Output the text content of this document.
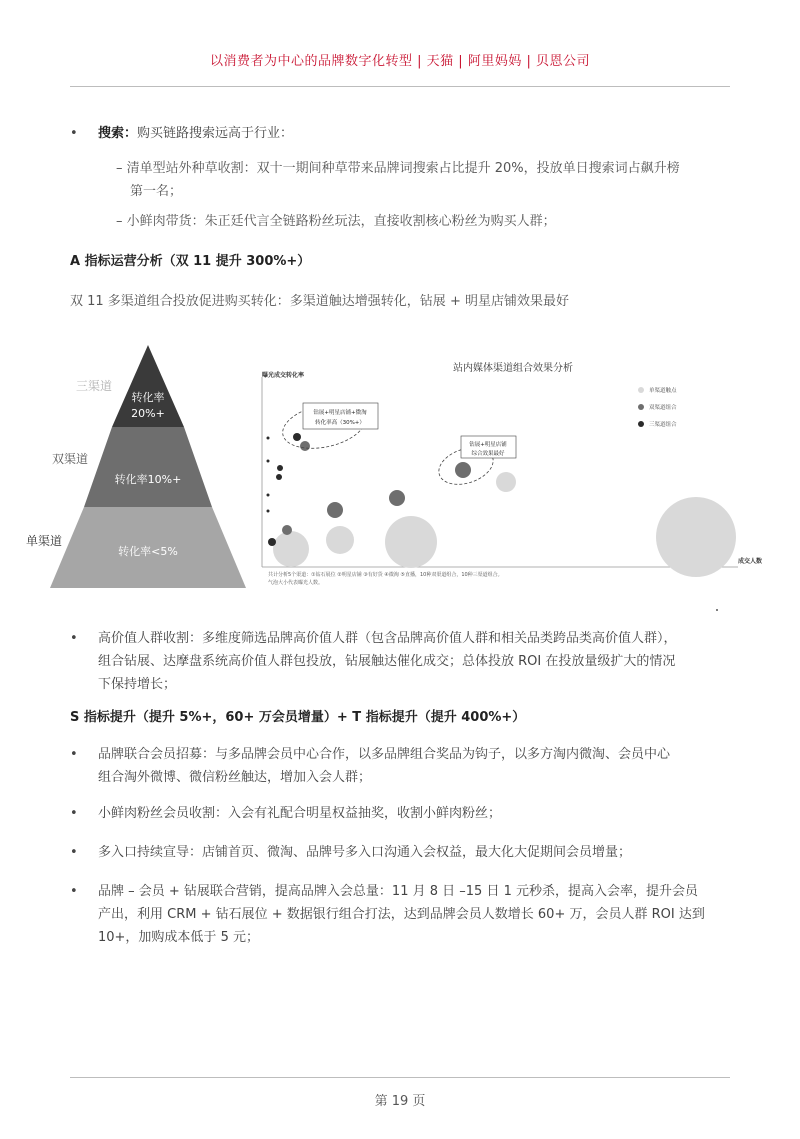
以消费者为中心的品牌数字化转型 | 天猫 | 阿里妈妈 | 贝恩公司
• 搜索：购买链路搜索远高于行业：
– 清单型站外种草收割：双十一期间种草带来品牌词搜索占比提升 20%，投放单日搜索词占飙升榜
第一名；
– 小鲜肉带货：朱正廷代言全链路粉丝玩法，直接收割核心粉丝为购买人群；
A 指标运营分析（双 11 提升 300%+）
双 11 多渠道组合投放促进购买转化：多渠道触达增强转化，钻展 + 明星店铺效果最好
转化率
20%+
转化率10%+
转化率<5%
三渠道
双渠道
单渠道
曝光成交转化率
成交人数
站内媒体渠道组合效果分析
单渠道触点
双渠道组合
三渠道组合
钻展+明星店铺+微淘
转化率高（30%+）
钻展+明星店铺
综合效果最好
共计分析5个渠道：①钻石展位 ②明星店铺 ③有好货 ④微淘 ⑤直播，10种双渠道组合，10种三渠道组合。
气泡大小代表曝光人数。
• 高价值人群收割：多维度筛选品牌高价值人群（包含品牌高价值人群和相关品类跨品类高价值人群），
组合钻展、达摩盘系统高价值人群包投放，钻展触达催化成交；总体投放 ROI 在投放量级扩大的情况
下保持增长；
S 指标提升（提升 5%+，60+ 万会员增量）+ T 指标提升（提升 400%+）
• 品牌联合会员招募：与多品牌会员中心合作，以多品牌组合奖品为钩子，以多方淘内微淘、会员中心
组合淘外微博、微信粉丝触达，增加入会人群；
• 小鲜肉粉丝会员收割：入会有礼配合明星权益抽奖，收割小鲜肉粉丝；
• 多入口持续宣导：店铺首页、微淘、品牌号多入口沟通入会权益，最大化大促期间会员增量；
• 品牌 – 会员 + 钻展联合营销，提高品牌入会总量：11 月 8 日 –15 日 1 元秒杀，提高入会率，提升会员
产出，利用 CRM + 钻石展位 + 数据银行组合打法，达到品牌会员人数增长 60+ 万，会员人群 ROI 达到
10+，加购成本低于 5 元；
第 19 页
